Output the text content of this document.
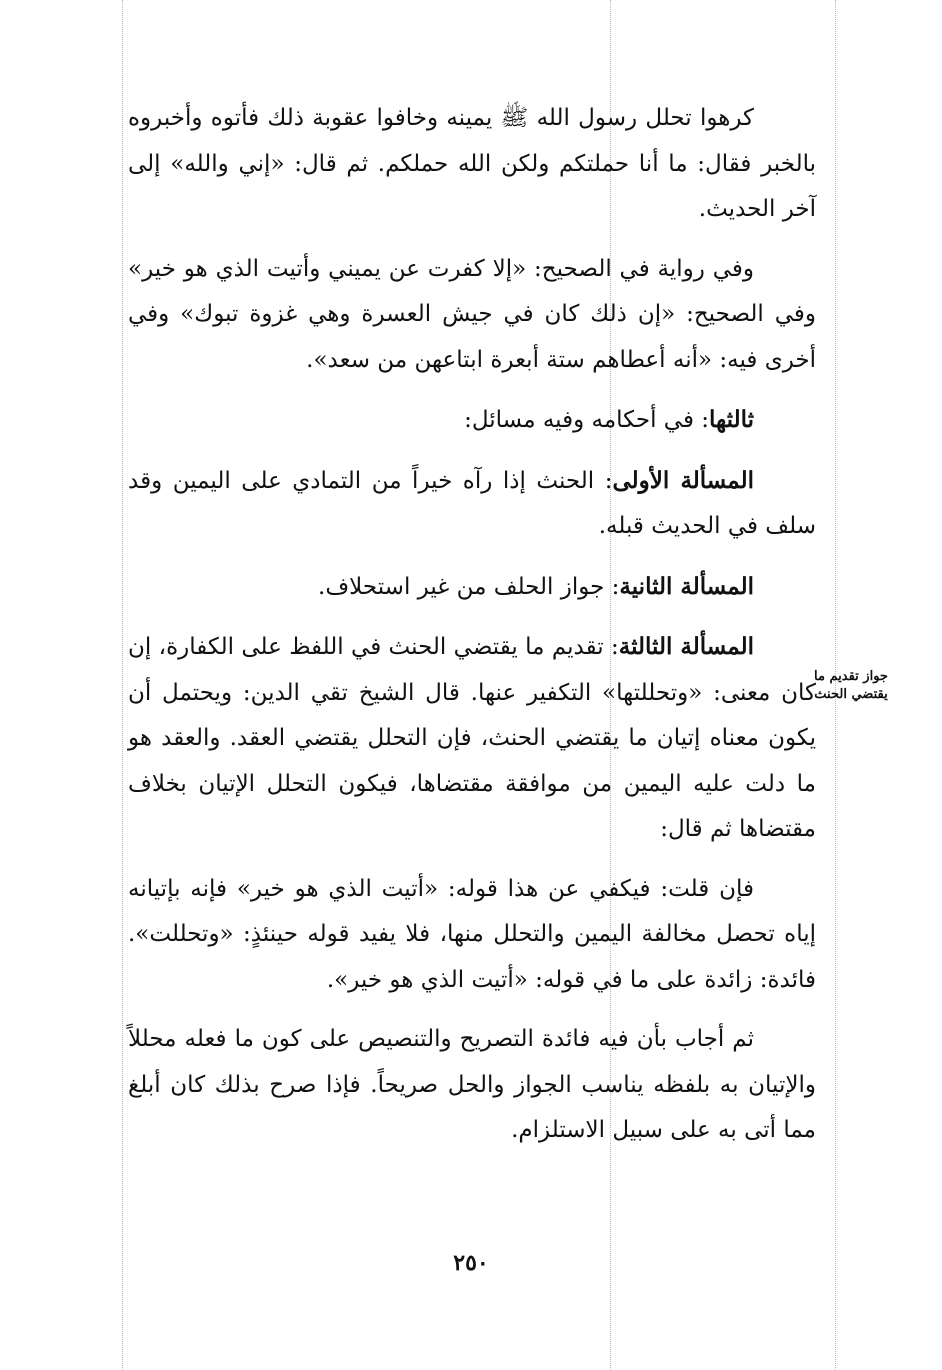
كرهوا تحلل رسول الله ﷺ يمينه وخافوا عقوبة ذلك فأتوه وأخبروه بالخبر فقال: ما أنا حملتكم ولكن الله حملكم. ثم قال: «إني والله» إلى آخر الحديث.

وفي رواية في الصحيح: «إلا كفرت عن يميني وأتيت الذي هو خير» وفي الصحيح: «إن ذلك كان في جيش العسرة وهي غزوة تبوك» وفي أخرى فيه: «أنه أعطاهم ستة أبعرة ابتاعهن من سعد».

ثالثها: في أحكامه وفيه مسائل:

المسألة الأولى: الحنث إذا رآه خيراً من التمادي على اليمين وقد سلف في الحديث قبله.

المسألة الثانية: جواز الحلف من غير استحلاف.

المسألة الثالثة: تقديم ما يقتضي الحنث في اللفظ على الكفارة، إن كان معنى: «وتحللتها» التكفير عنها. قال الشيخ تقي الدين: ويحتمل أن يكون معناه إتيان ما يقتضي الحنث، فإن التحلل يقتضي العقد. والعقد هو ما دلت عليه اليمين من موافقة مقتضاها، فيكون التحلل الإتيان بخلاف مقتضاها ثم قال:

فإن قلت: فيكفي عن هذا قوله: «أتيت الذي هو خير» فإنه بإتيانه إياه تحصل مخالفة اليمين والتحلل منها، فلا يفيد قوله حينئذٍ: «وتحللت». فائدة: زائدة على ما في قوله: «أتيت الذي هو خير».

ثم أجاب بأن فيه فائدة التصريح والتنصيص على كون ما فعله محللاً والإتيان به بلفظه يناسب الجواز والحل صريحاً. فإذا صرح بذلك كان أبلغ مما أتى به على سبيل الاستلزام.

جواز تقديم ما
يقتضي الحنث
٢٥٠
